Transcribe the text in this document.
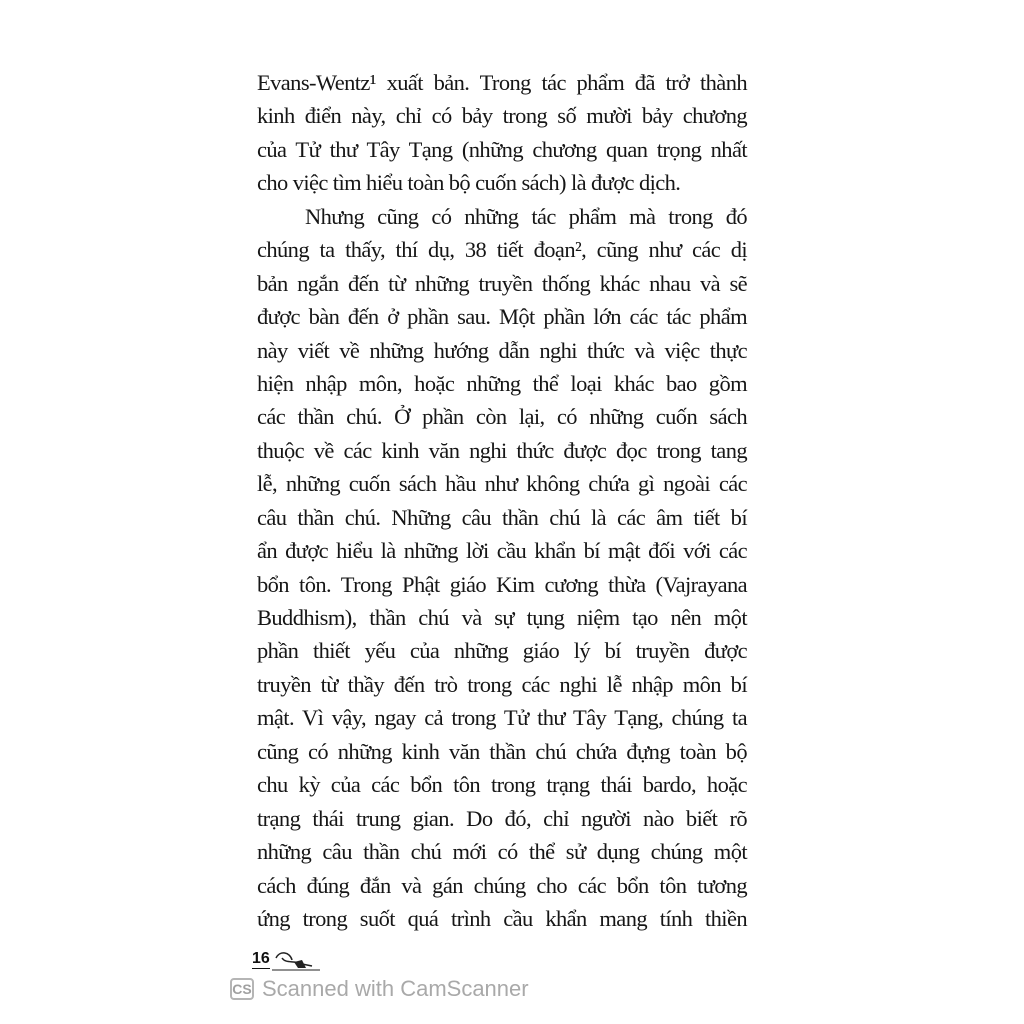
Evans-Wentz¹ xuất bản. Trong tác phẩm đã trở thành
kinh điển này, chỉ có bảy trong số mười bảy chương
của Tử thư Tây Tạng (những chương quan trọng nhất
cho việc tìm hiểu toàn bộ cuốn sách) là được dịch.
Nhưng cũng có những tác phẩm mà trong đó
chúng ta thấy, thí dụ, 38 tiết đoạn², cũng như các dị
bản ngắn đến từ những truyền thống khác nhau và sẽ
được bàn đến ở phần sau. Một phần lớn các tác phẩm
này viết về những hướng dẫn nghi thức và việc thực
hiện nhập môn, hoặc những thể loại khác bao gồm
các thần chú. Ở phần còn lại, có những cuốn sách
thuộc về các kinh văn nghi thức được đọc trong tang
lễ, những cuốn sách hầu như không chứa gì ngoài các
câu thần chú. Những câu thần chú là các âm tiết bí
ẩn được hiểu là những lời cầu khẩn bí mật đối với các
bổn tôn. Trong Phật giáo Kim cương thừa (Vajrayana
Buddhism), thần chú và sự tụng niệm tạo nên một
phần thiết yếu của những giáo lý bí truyền được
truyền từ thầy đến trò trong các nghi lễ nhập môn bí
mật. Vì vậy, ngay cả trong Tử thư Tây Tạng, chúng ta
cũng có những kinh văn thần chú chứa đựng toàn bộ
chu kỳ của các bổn tôn trong trạng thái bardo, hoặc
trạng thái trung gian. Do đó, chỉ người nào biết rõ
những câu thần chú mới có thể sử dụng chúng một
cách đúng đắn và gán chúng cho các bổn tôn tương
ứng trong suốt quá trình cầu khẩn mang tính thiền
16
CS Scanned with CamScanner
